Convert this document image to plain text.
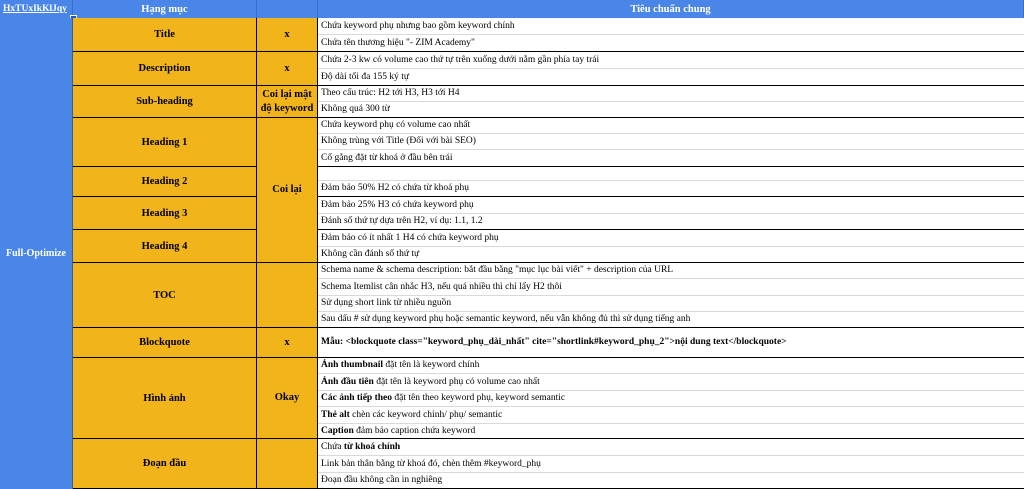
HxTUxIkKlJqy	Hạng mục	Tiêu chuẩn chung
Full-Optimize
Title
Description
Sub-heading
Heading 1
Heading 2
Heading 3
Heading 4
TOC
Blockquote
Hình ảnh
Đoạn đầu
x
x
Coi lại mật độ keyword
Coi lại
x
Okay
Chứa keyword phụ nhưng bao gồm keyword chính
Chứa tên thương hiệu "- ZIM Academy"
Chứa 2-3 kw có volume cao thứ tự trên xuống dưới nằm gần phía tay trái
Độ dài tối đa 155 ký tự
Theo cấu trúc: H2 tới H3, H3 tới H4
Không quá 300 từ
Chứa keyword phụ có volume cao nhất
Không trùng với Title (Đối với bài SEO)
Cố gắng đặt từ khoá ở đầu bên trái
Đảm bảo 50% H2 có chứa từ khoá phụ
Đảm bảo 25% H3 có chứa keyword phụ
Đánh số thứ tự dựa trên H2, ví dụ: 1.1, 1.2
Đảm bảo có ít nhất 1 H4 có chứa keyword phụ
Không cần đánh số thứ tự
Schema name & schema description: bắt đầu bằng "mục lục bài viết" + description của URL
Schema Itemlist cân nhắc H3, nếu quá nhiều thì chỉ lấy H2 thôi
Sử dụng short link từ nhiều nguồn
Sau dấu # sử dụng keyword phụ hoặc semantic keyword, nếu vẫn không đủ thì sử dụng tiếng anh
Mẫu: <blockquote class="keyword_phụ_dài_nhất" cite="shortlink#keyword_phụ_2">nội dung text</blockquote>
Ảnh thumbnail đặt tên là keyword chính
Ảnh đầu tiên đặt tên là keyword phụ có volume cao nhất
Các ảnh tiếp theo đặt tên theo keyword phụ, keyword semantic
Thẻ alt chèn các keyword chính/ phụ/ semantic
Caption đảm bảo caption chứa keyword
Chứa từ khoá chính
Link bản thân bằng từ khoá đó, chèn thêm #keyword_phụ
Đoạn đầu không cần in nghiêng
